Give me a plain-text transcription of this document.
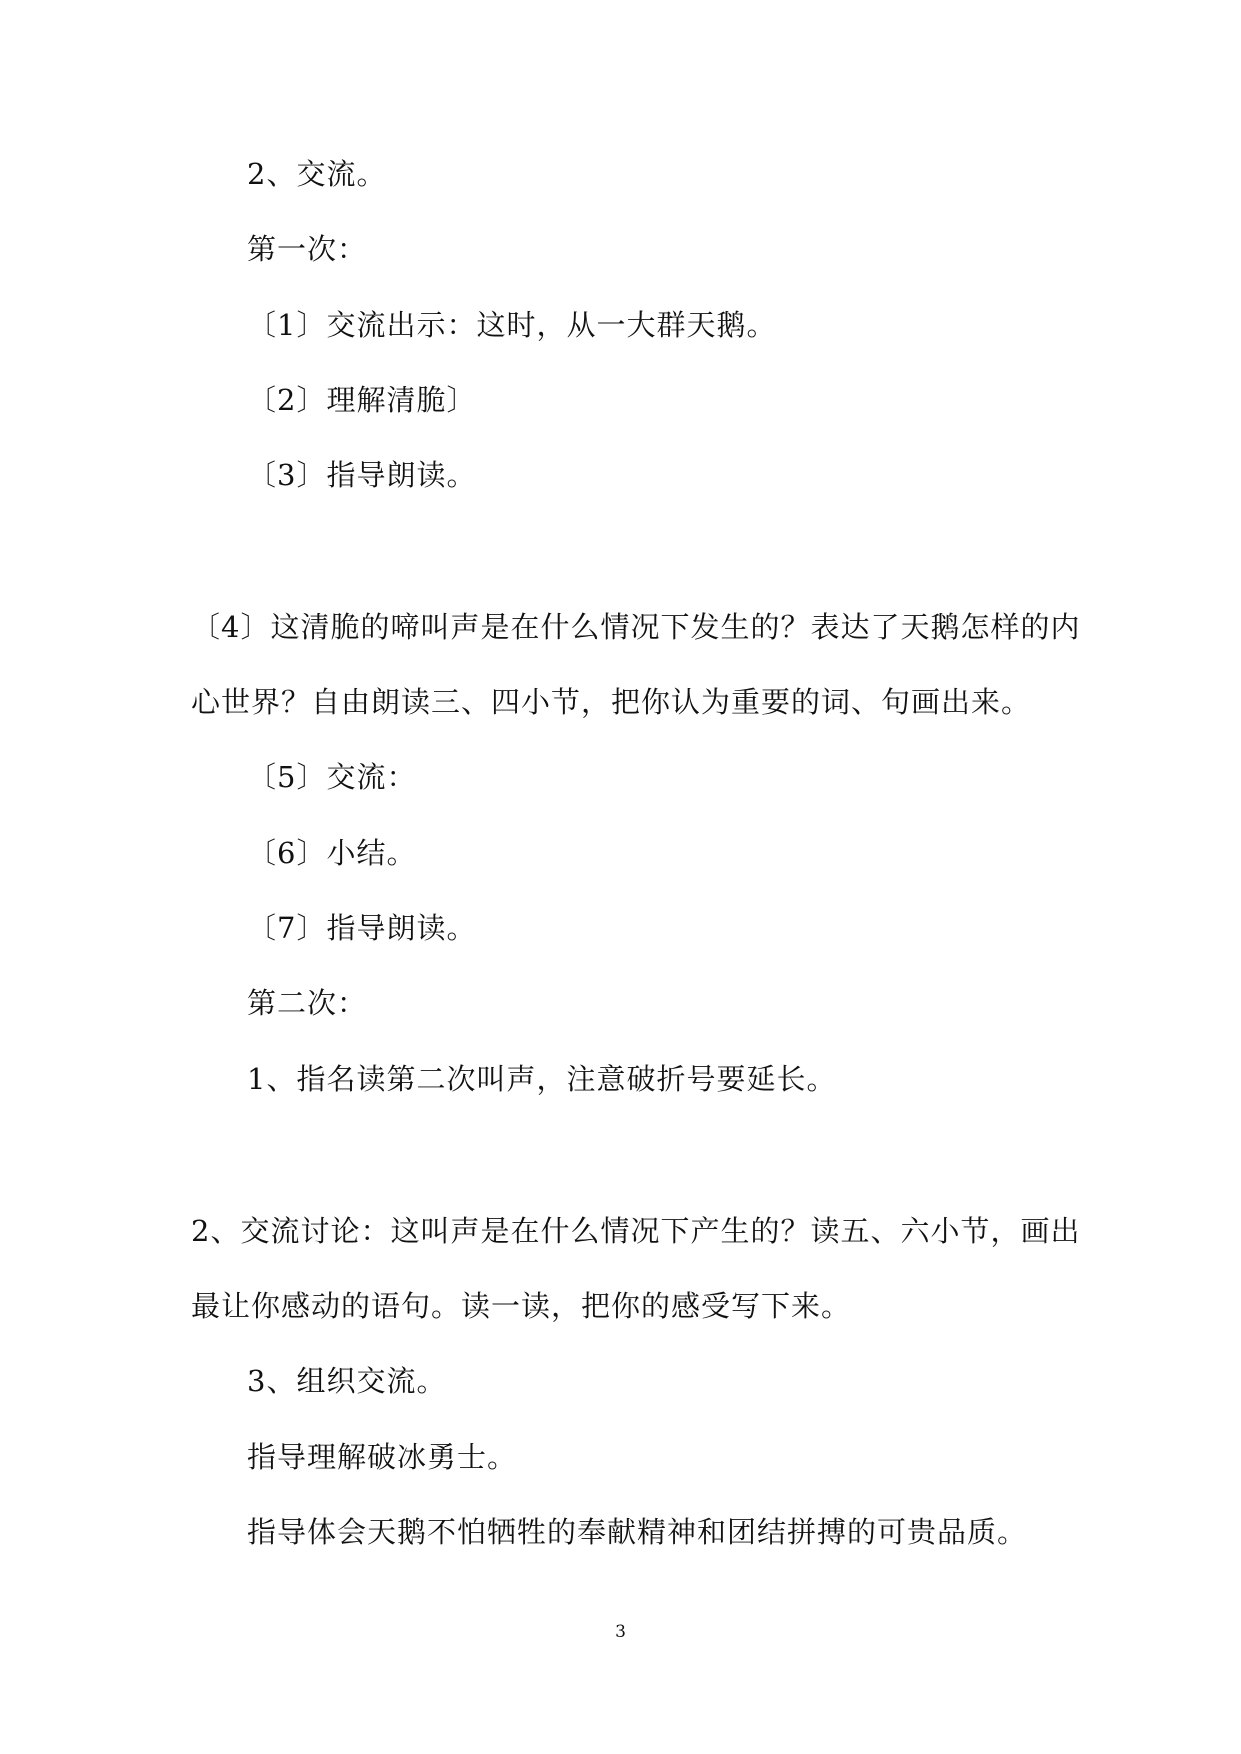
2、交流。
第一次：
〔1〕交流出示：这时，从一大群天鹅。
〔2〕理解清脆〕
〔3〕指导朗读。
〔4〕这清脆的啼叫声是在什么情况下发生的？表达了天鹅怎样的内
心世界？自由朗读三、四小节，把你认为重要的词、句画出来。
〔5〕交流：
〔6〕小结。
〔7〕指导朗读。
第二次：
1、指名读第二次叫声，注意破折号要延长。
2、交流讨论：这叫声是在什么情况下产生的？读五、六小节，画出
最让你感动的语句。读一读，把你的感受写下来。
3、组织交流。
指导理解破冰勇士。
指导体会天鹅不怕牺牲的奉献精神和团结拼搏的可贵品质。
3
